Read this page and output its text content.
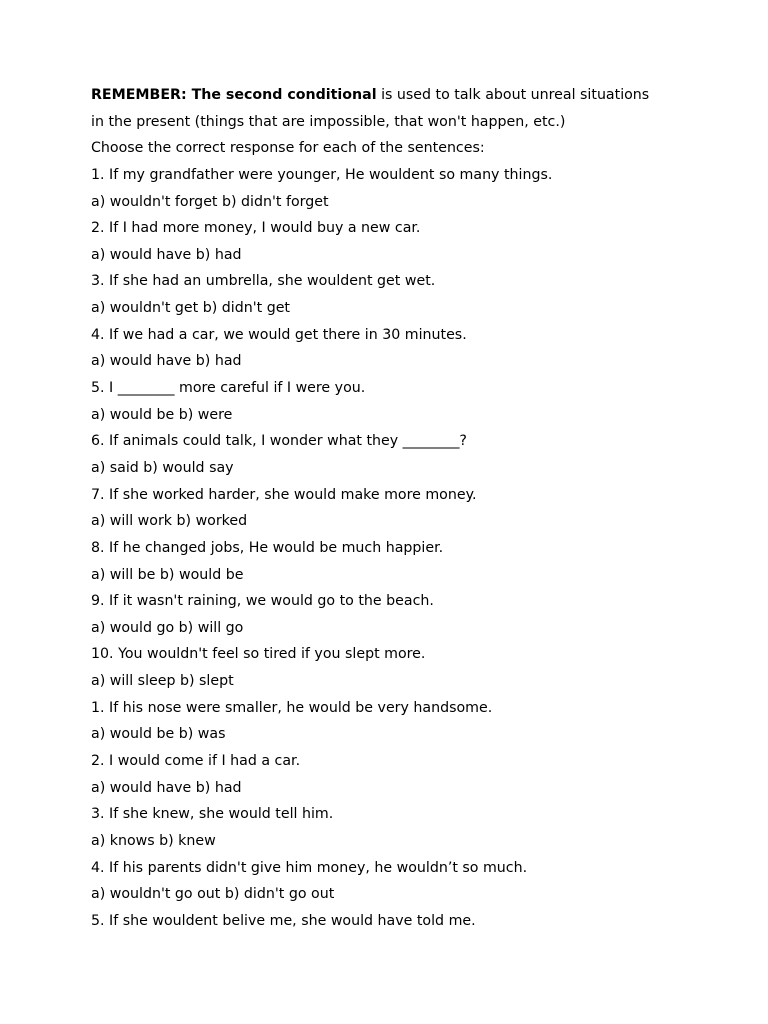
REMEMBER: The second conditional is used to talk about unreal situations
in the present (things that are impossible, that won't happen, etc.)
Choose the correct response for each of the sentences:
1. If my grandfather were younger, He wouldent so many things.
a) wouldn't forget b) didn't forget
2. If I had more money, I would buy a new car.
a) would have b) had
3. If she had an umbrella, she wouldent get wet.
a) wouldn't get b) didn't get
4. If we had a car, we would get there in 30 minutes.
a) would have b) had
5. I ________ more careful if I were you.
a) would be b) were
6. If animals could talk, I wonder what they ________?
a) said b) would say
7. If she worked harder, she would make more money.
a) will work b) worked
8. If he changed jobs, He would be much happier.
a) will be b) would be
9. If it wasn't raining, we would go to the beach.
a) would go b) will go
10. You wouldn't feel so tired if you slept more.
a) will sleep b) slept
1. If his nose were smaller, he would be very handsome.
a) would be b) was
2. I would come if I had a car.
a) would have b) had
3. If she knew, she would tell him.
a) knows b) knew
4. If his parents didn't give him money, he wouldn’t so much.
a) wouldn't go out b) didn't go out
5. If she wouldent belive me, she would have told me.
